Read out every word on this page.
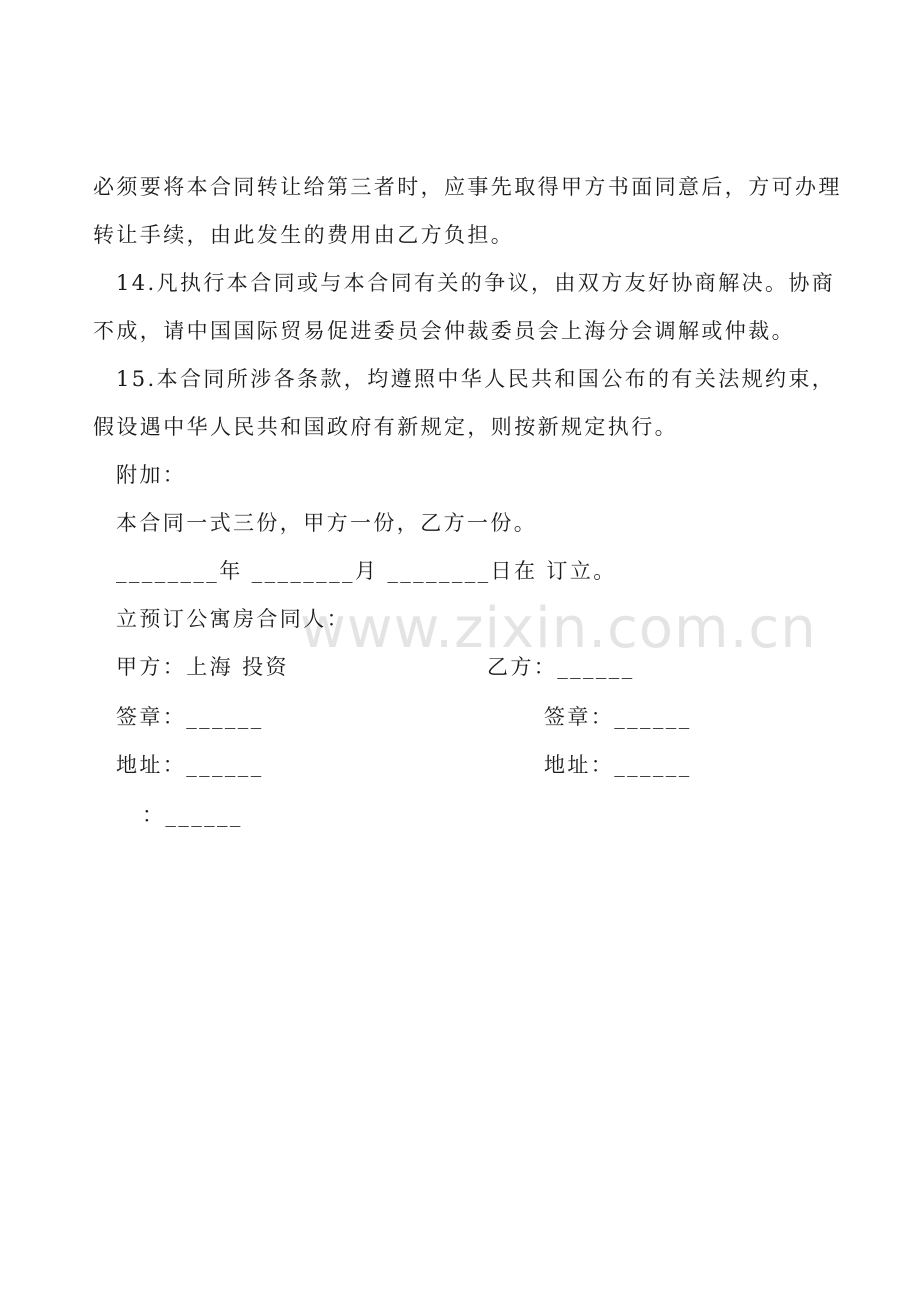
必须要将本合同转让给第三者时，应事先取得甲方书面同意后，方可办理
转让手续，由此发生的费用由乙方负担。
14.凡执行本合同或与本合同有关的争议，由双方友好协商解决。协商
不成，请中国国际贸易促进委员会仲裁委员会上海分会调解或仲裁。
15.本合同所涉各条款，均遵照中华人民共和国公布的有关法规约束，
假设遇中华人民共和国政府有新规定，则按新规定执行。
附加：
本合同一式三份，甲方一份，乙方一份。
________年 ________月 ________日在 订立。
立预订公寓房合同人：
甲方：上海 投资	乙方：______
签章：______	签章：______
地址：______	地址：______
：______
www.zixin.com.cn
